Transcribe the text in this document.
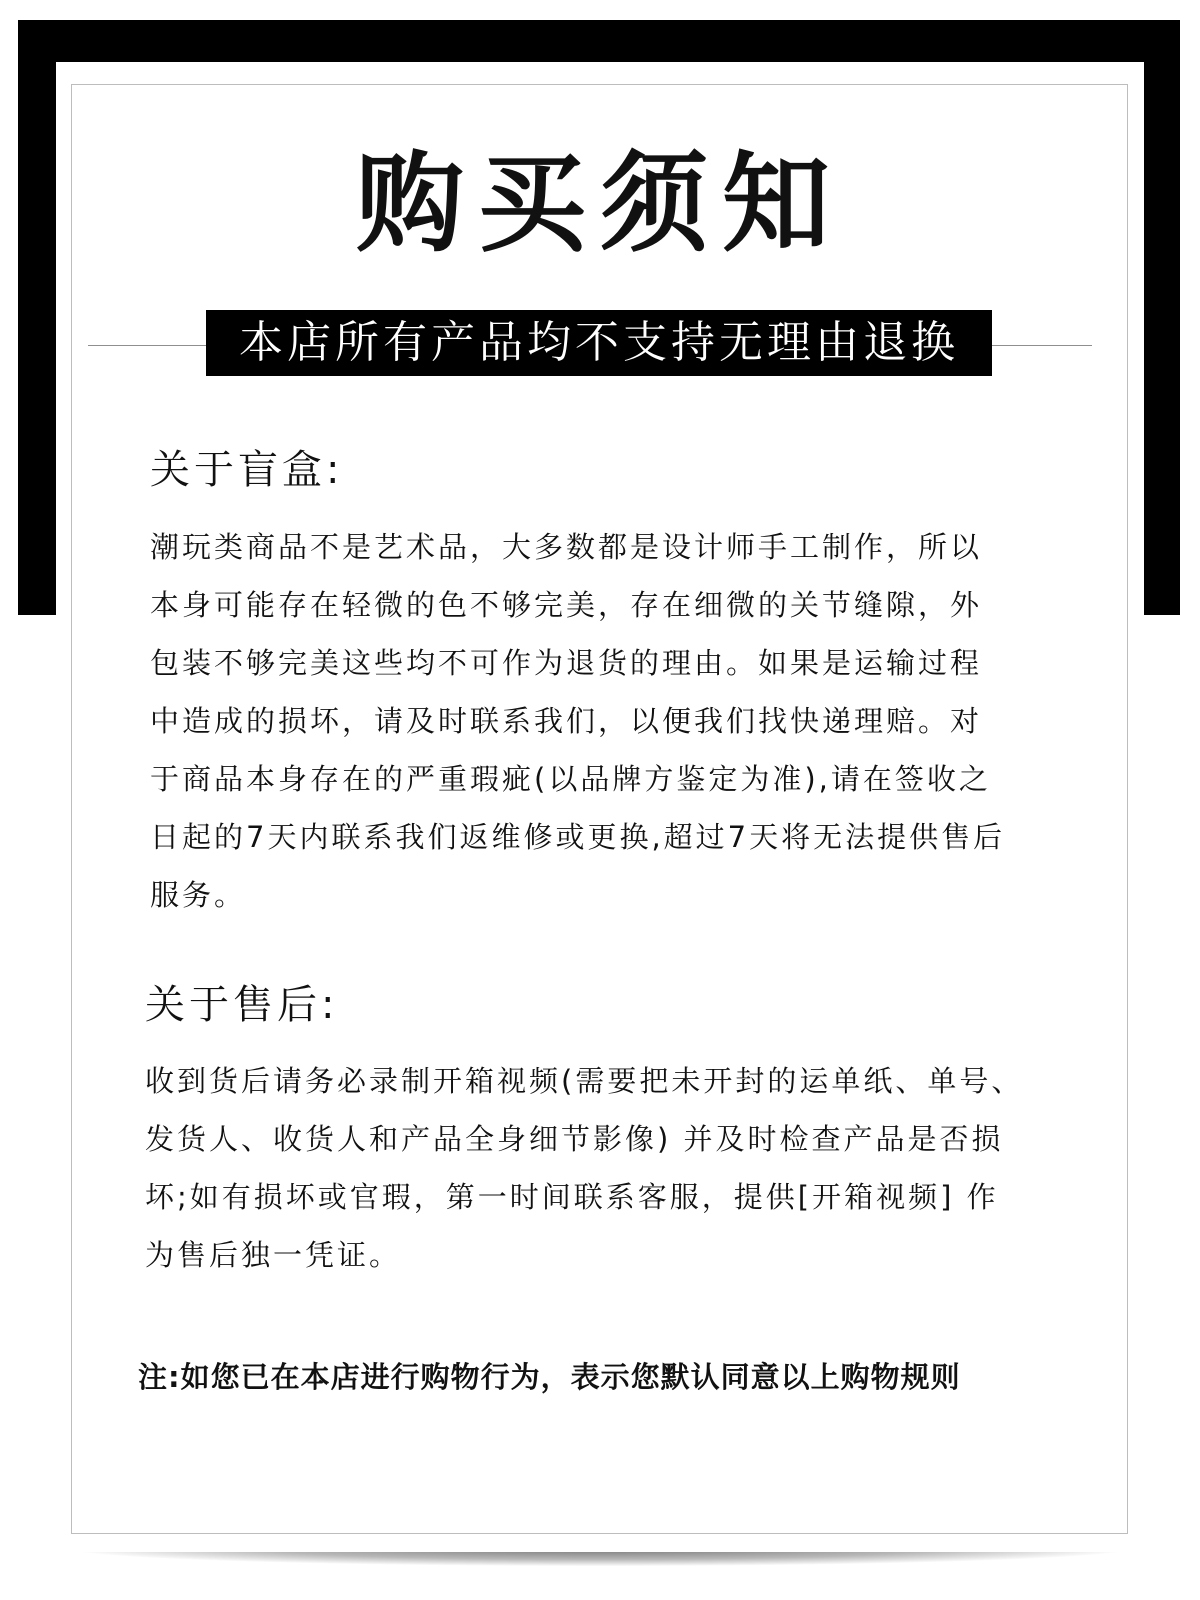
购买须知
本店所有产品均不支持无理由退换
关于盲盒:
潮玩类商品不是艺术品，大多数都是设计师手工制作，所以
本身可能存在轻微的色不够完美，存在细微的关节缝隙，外
包装不够完美这些均不可作为退货的理由。如果是运输过程
中造成的损坏，请及时联系我们，以便我们找快递理赔。对
于商品本身存在的严重瑕疵(以品牌方鉴定为准),请在签收之
日起的7天内联系我们返维修或更换,超过7天将无法提供售后
服务。
关于售后:
收到货后请务必录制开箱视频(需要把未开封的运单纸、单号、
发货人、收货人和产品全身细节影像) 并及时检查产品是否损
坏;如有损坏或官瑕，第一时间联系客服，提供[开箱视频] 作
为售后独一凭证。
注:如您已在本店进行购物行为，表示您默认同意以上购物规则
